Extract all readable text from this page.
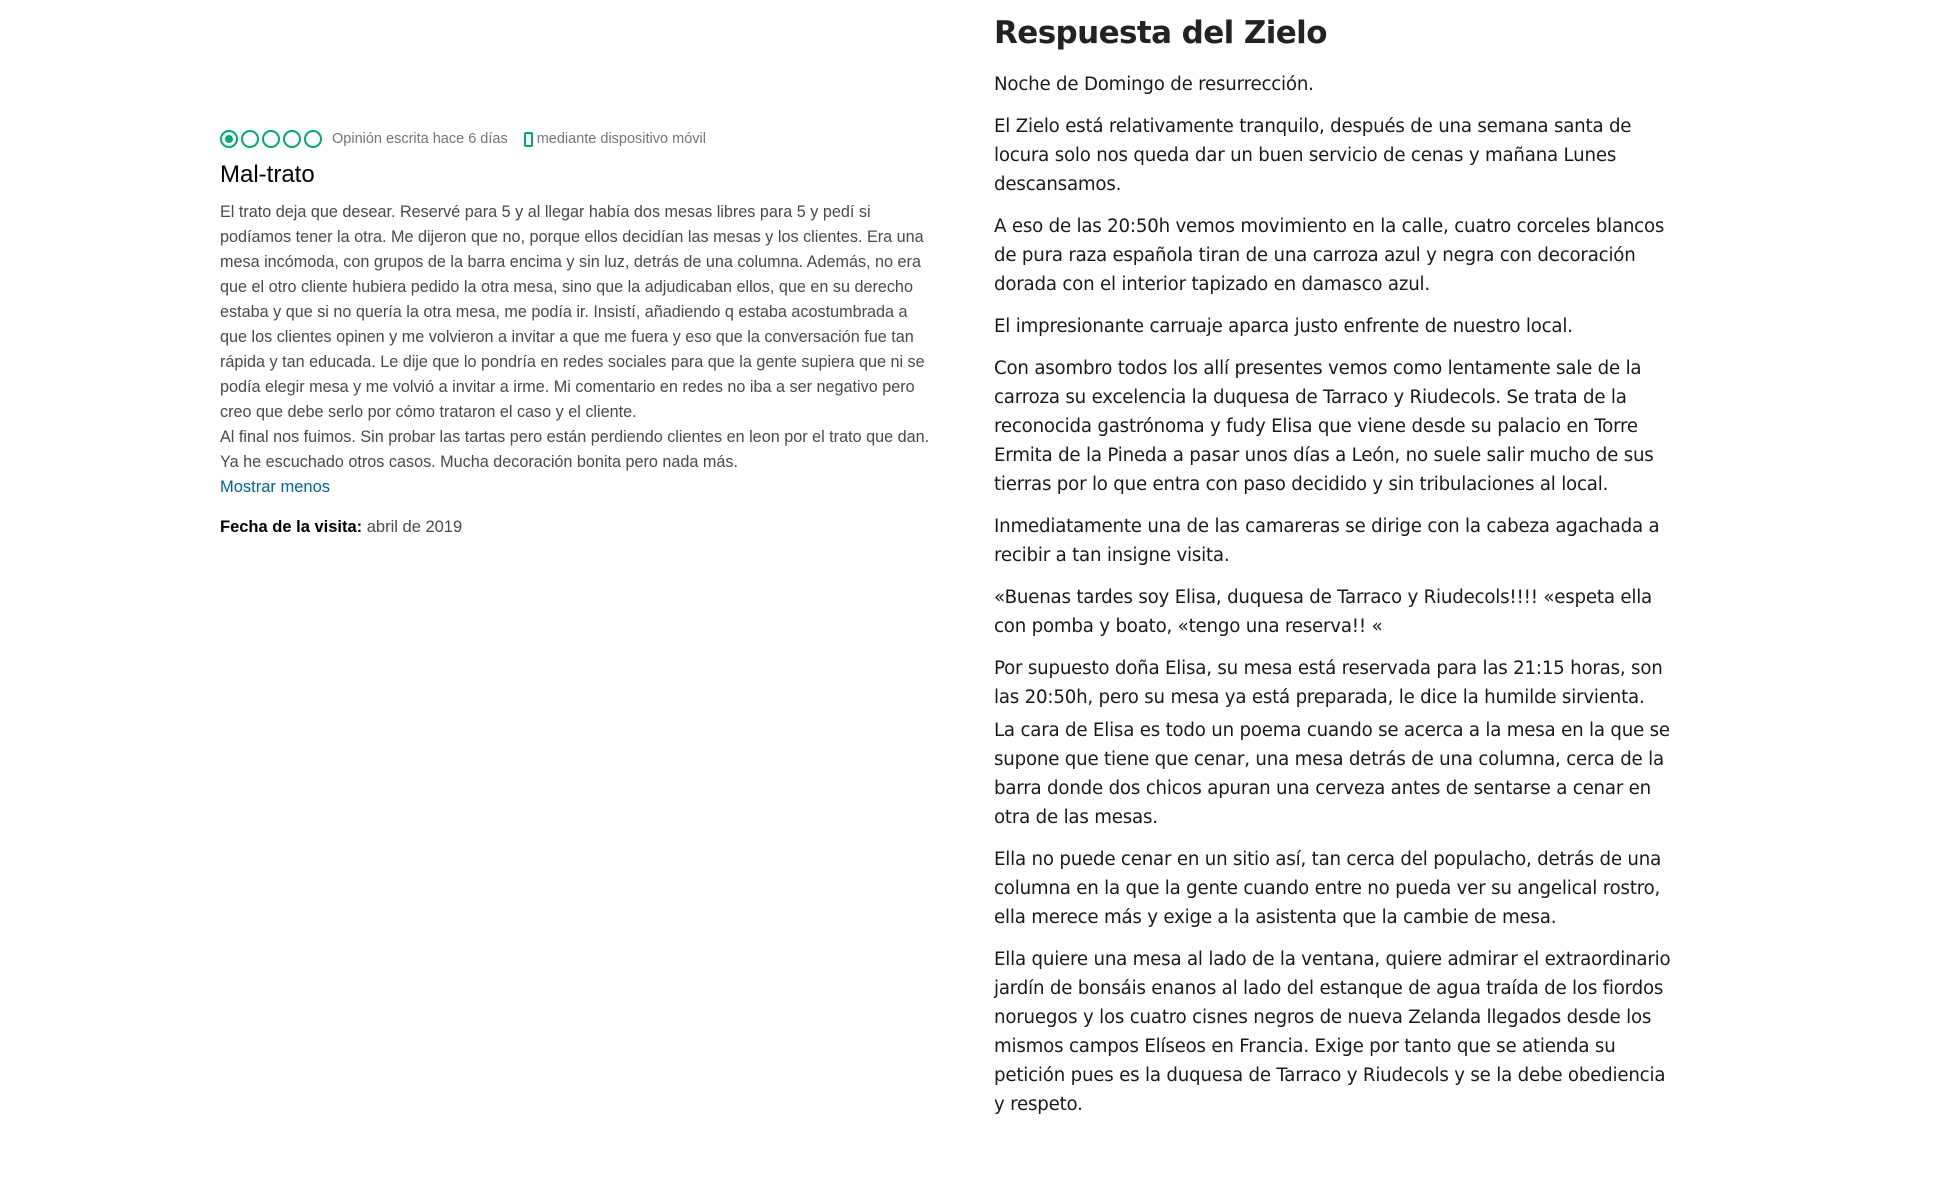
Opinión escrita hace 6 días mediante dispositivo móvil
Mal-trato

El trato deja que desear. Reservé para 5 y al llegar había dos mesas libres para 5 y pedí si podíamos tener la otra. Me dijeron que no, porque ellos decidían las mesas y los clientes. Era una mesa incómoda, con grupos de la barra encima y sin luz, detrás de una columna. Además, no era que el otro cliente hubiera pedido la otra mesa, sino que la adjudicaban ellos, que en su derecho estaba y que si no quería la otra mesa, me podía ir. Insistí, añadiendo q estaba acostumbrada a que los clientes opinen y me volvieron a invitar a que me fuera y eso que la conversación fue tan rápida y tan educada. Le dije que lo pondría en redes sociales para que la gente supiera que ni se podía elegir mesa y me volvió a invitar a irme. Mi comentario en redes no iba a ser negativo pero creo que debe serlo por cómo trataron el caso y el cliente.

Al final nos fuimos. Sin probar las tartas pero están perdiendo clientes en leon por el trato que dan. Ya he escuchado otros casos. Mucha decoración bonita pero nada más.

Mostrar menos
Fecha de la visita: abril de 2019
Respuesta del Zielo

Noche de Domingo de resurrección.

El Zielo está relativamente tranquilo, después de una semana santa de locura solo nos queda dar un buen servicio de cenas y mañana Lunes descansamos.

A eso de las 20:50h vemos movimiento en la calle, cuatro corceles blancos de pura raza española tiran de una carroza azul y negra con decoración dorada con el interior tapizado en damasco azul.

El impresionante carruaje aparca justo enfrente de nuestro local.

Con asombro todos los allí presentes vemos como lentamente sale de la carroza su excelencia la duquesa de Tarraco y Riudecols. Se trata de la reconocida gastrónoma y fudy Elisa que viene desde su palacio en Torre Ermita de la Pineda a pasar unos días a León, no suele salir mucho de sus tierras por lo que entra con paso decidido y sin tribulaciones al local.

Inmediatamente una de las camareras se dirige con la cabeza agachada a recibir a tan insigne visita.

«Buenas tardes soy Elisa, duquesa de Tarraco y Riudecols!!!! «espeta ella con pomba y boato, «tengo una reserva!! «

Por supuesto doña Elisa, su mesa está reservada para las 21:15 horas, son las 20:50h, pero su mesa ya está preparada, le dice la humilde sirvienta.

La cara de Elisa es todo un poema cuando se acerca a la mesa en la que se supone que tiene que cenar, una mesa detrás de una columna, cerca de la barra donde dos chicos apuran una cerveza antes de sentarse a cenar en otra de las mesas.

Ella no puede cenar en un sitio así, tan cerca del populacho, detrás de una columna en la que la gente cuando entre no pueda ver su angelical rostro, ella merece más y exige a la asistenta que la cambie de mesa.

Ella quiere una mesa al lado de la ventana, quiere admirar el extraordinario jardín de bonsáis enanos al lado del estanque de agua traída de los fiordos noruegos y los cuatro cisnes negros de nueva Zelanda llegados desde los mismos campos Elíseos en Francia. Exige por tanto que se atienda su petición pues es la duquesa de Tarraco y Riudecols y se la debe obediencia y respeto.
